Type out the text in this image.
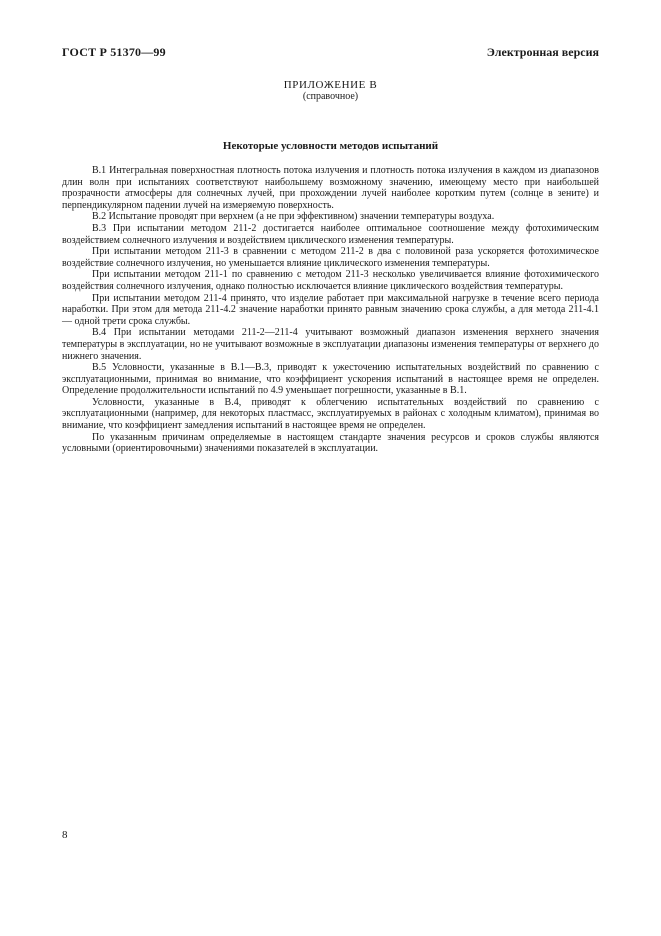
ГОСТ Р 51370—99	Электронная версия
ПРИЛОЖЕНИЕ В
(справочное)
Некоторые условности методов испытаний

В.1 Интегральная поверхностная плотность потока излучения и плотность потока излучения в каждом из диапазонов длин волн при испытаниях соответствуют наибольшему возможному значению, имеющему место при наибольшей прозрачности атмосферы для солнечных лучей, при прохождении лучей наиболее коротким путем (солнце в зените) и перпендикулярном падении лучей на измеряемую поверхность.

В.2 Испытание проводят при верхнем (а не при эффективном) значении температуры воздуха.

В.3 При испытании методом 211-2 достигается наиболее оптимальное соотношение между фотохимическим воздействием солнечного излучения и воздействием циклического изменения температуры.

При испытании методом 211-3 в сравнении с методом 211-2 в два с половиной раза ускоряется фотохимическое воздействие солнечного излучения, но уменьшается влияние циклического изменения температуры.

При испытании методом 211-1 по сравнению с методом 211-3 несколько увеличивается влияние фотохимического воздействия солнечного излучения, однако полностью исключается влияние циклического воздействия температуры.

При испытании методом 211-4 принято, что изделие работает при максимальной нагрузке в течение всего периода наработки. При этом для метода 211-4.2 значение наработки принято равным значению срока службы, а для метода 211-4.1 — одной трети срока службы.

В.4 При испытании методами 211-2—211-4 учитывают возможный диапазон изменения верхнего значения температуры в эксплуатации, но не учитывают возможные в эксплуатации диапазоны изменения температуры от верхнего до нижнего значения.

В.5 Условности, указанные в В.1—В.3, приводят к ужесточению испытательных воздействий по сравнению с эксплуатационными, принимая во внимание, что коэффициент ускорения испытаний в настоящее время не определен. Определение продолжительности испытаний по 4.9 уменьшает погрешности, указанные в В.1.

Условности, указанные в В.4, приводят к облегчению испытательных воздействий по сравнению с эксплуатационными (например, для некоторых пластмасс, эксплуатируемых в районах с холодным климатом), принимая во внимание, что коэффициент замедления испытаний в настоящее время не определен.

По указанным причинам определяемые в настоящем стандарте значения ресурсов и сроков службы являются условными (ориентировочными) значениями показателей в эксплуатации.

8
